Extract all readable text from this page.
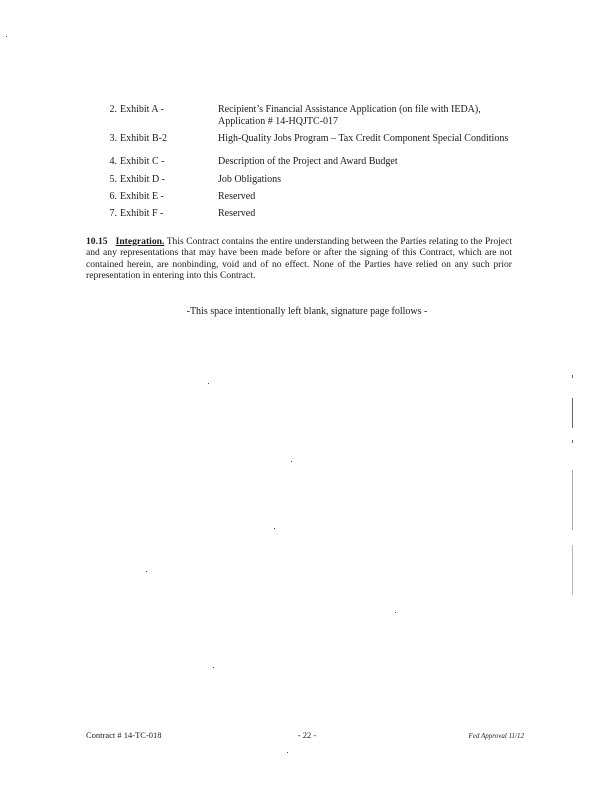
2. Exhibit A -	Recipient’s Financial Assistance Application (on file with IEDA),
Application # 14-HQJTC-017
3. Exhibit B-2	High-Quality Jobs Program – Tax Credit Component Special Conditions
4. Exhibit C -	Description of the Project and Award Budget
5. Exhibit D -	Job Obligations
6. Exhibit E -	Reserved
7. Exhibit F -	Reserved
10.15 Integration. This Contract contains the entire understanding between the Parties relating to the Project and any representations that may have been made before or after the signing of this Contract, which are not contained herein, are nonbinding, void and of no effect. None of the Parties have relied on any such prior representation in entering into this Contract.
-This space intentionally left blank, signature page follows -
Contract # 14-TC-018	- 22 -	Fed Approval 11/12
